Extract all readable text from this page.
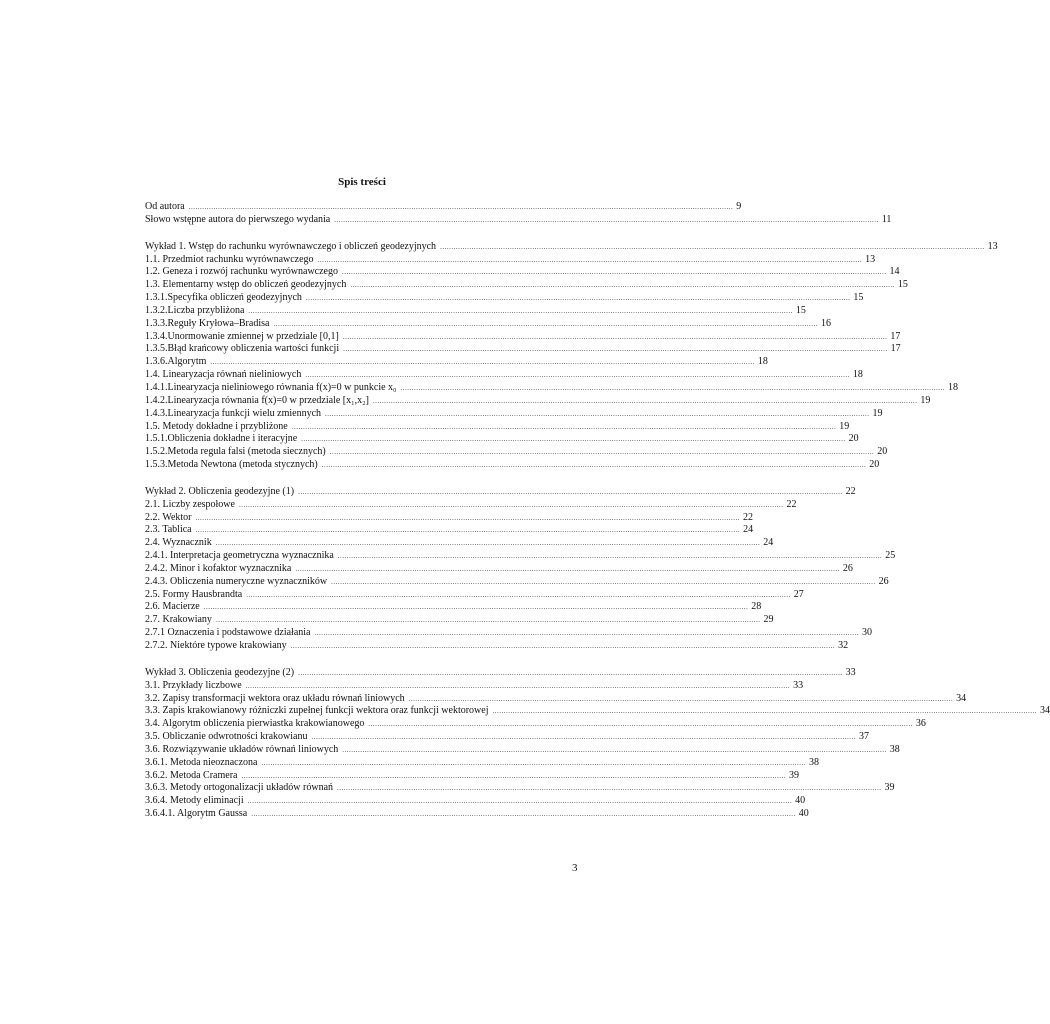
Spis treści
Od autora .....	9
Słowo wstępne autora do pierwszego wydania .....	11
Wykład 1. Wstęp do rachunku wyrównawczego i obliczeń geodezyjnych .....	13
1.1. Przedmiot rachunku wyrównawczego .....	13
1.2. Geneza i rozwój rachunku wyrównawczego .....	14
1.3. Elementarny wstęp do obliczeń geodezyjnych .....	15
1.3.1. Specyfika obliczeń geodezyjnych .....	15
1.3.2. Liczba przybliżona .....	15
1.3.3. Reguły Kryłowa–Bradisa .....	16
1.3.4. Unormowanie zmiennej w przedziale [0,1] .....	17
1.3.5. Błąd krańcowy obliczenia wartości funkcji .....	17
1.3.6. Algorytm .....	18
1.4. Linearyzacja równań nieliniowych .....	18
1.4.1. Linearyzacja nieliniowego równania f(x)=0 w punkcie x₀ .....	18
1.4.2. Linearyzacja równania f(x)=0 w przedziale [x₁,x₂] .....	19
1.4.3. Linearyzacja funkcji wielu zmiennych .....	19
1.5. Metody dokładne i przybliżone .....	19
1.5.1. Obliczenia dokładne i iteracyjne .....	20
1.5.2. Metoda regula falsi (metoda siecznych) .....	20
1.5.3. Metoda Newtona (metoda stycznych) .....	20
Wykład 2. Obliczenia geodezyjne (1) .....	22
2.1. Liczby zespołowe .....	22
2.2. Wektor .....	22
2.3. Tablica .....	24
2.4. Wyznacznik .....	24
2.4.1. Interpretacja geometryczna wyznacznika .....	25
2.4.2. Minor i kofaktor wyznacznika .....	26
2.4.3. Obliczenia numeryczne wyznaczników .....	26
2.5. Formy Hausbrandta .....	27
2.6. Macierze .....	28
2.7. Krakowiany .....	29
2.7.1 Oznaczenia i podstawowe działania .....	30
2.7.2. Niektóre typowe krakowiany .....	32
Wykład 3. Obliczenia geodezyjne (2) .....	33
3.1. Przykłady liczbowe .....	33
3.2. Zapisy transformacji wektora oraz układu równań liniowych .....	34
3.3. Zapis krakowianowy różniczki zupełnej funkcji wektora oraz funkcji wektorowej .....	34
3.4. Algorytm obliczenia pierwiastka krakowianowego .....	36
3.5. Obliczanie odwrotności krakowianu .....	37
3.6. Rozwiązywanie układów równań liniowych .....	38
3.6.1. Metoda nieoznaczona .....	38
3.6.2. Metoda Cramera .....	39
3.6.3. Metody ortogonalizacji układów równań .....	39
3.6.4. Metody eliminacji .....	40
3.6.4.1. Algorytm Gaussa .....	40
3
